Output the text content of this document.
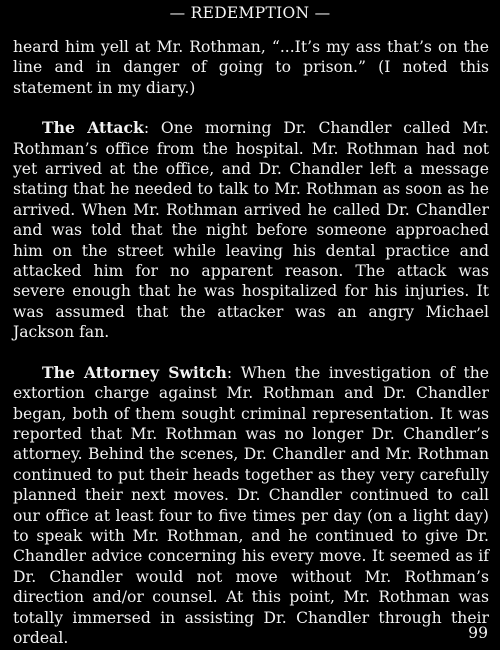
— REDEMPTION —

heard him yell at Mr. Rothman, “...It’s my ass that’s on the line and in danger of going to prison.” (I noted this statement in my diary.)

The Attack: One morning Dr. Chandler called Mr. Rothman’s office from the hospital. Mr. Rothman had not yet arrived at the office, and Dr. Chandler left a message stating that he needed to talk to Mr. Rothman as soon as he arrived. When Mr. Rothman arrived he called Dr. Chandler and was told that the night before someone approached him on the street while leaving his dental practice and attacked him for no apparent reason. The attack was severe enough that he was hospitalized for his injuries. It was assumed that the attacker was an angry Michael Jackson fan.

The Attorney Switch: When the investigation of the extortion charge against Mr. Rothman and Dr. Chandler began, both of them sought criminal representation. It was reported that Mr. Rothman was no longer Dr. Chandler’s attorney. Behind the scenes, Dr. Chandler and Mr. Rothman continued to put their heads together as they very carefully planned their next moves. Dr. Chandler continued to call our office at least four to five times per day (on a light day) to speak with Mr. Rothman, and he continued to give Dr. Chandler advice concerning his every move. It seemed as if Dr. Chandler would not move without Mr. Rothman’s direction and/or counsel. At this point, Mr. Rothman was totally immersed in assisting Dr. Chandler through their ordeal.	99
